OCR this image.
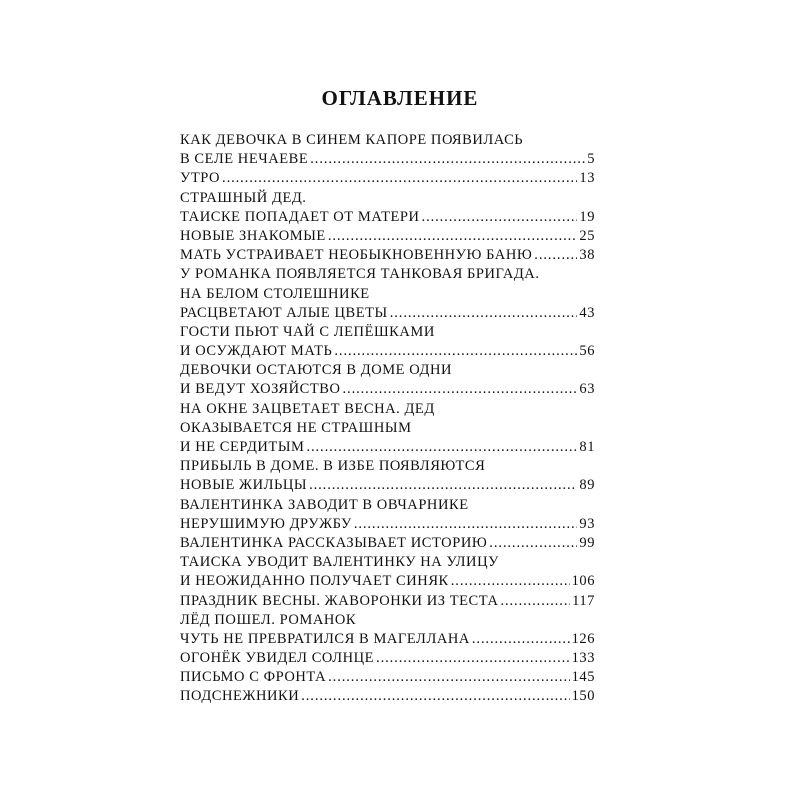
ОГЛАВЛЕНИЕ
КАК ДЕВОЧКА В СИНЕМ КАПОРЕ ПОЯВИЛАСЬ
В СЕЛЕ НЕЧАЕВЕ .....	5
УТРО .....	13
СТРАШНЫЙ ДЕД.
ТАИСКЕ ПОПАДАЕТ ОТ МАТЕРИ .....	19
НОВЫЕ ЗНАКОМЫЕ .....	25
МАТЬ УСТРАИВАЕТ НЕОБЫКНОВЕННУЮ БАНЮ .....	38
У РОМАНКА ПОЯВЛЯЕТСЯ ТАНКОВАЯ БРИГАДА.
НА БЕЛОМ СТОЛЕШНИКЕ
РАСЦВЕТАЮТ АЛЫЕ ЦВЕТЫ .....	43
ГОСТИ ПЬЮТ ЧАЙ С ЛЕПЁШКАМИ
И ОСУЖДАЮТ МАТЬ .....	56
ДЕВОЧКИ ОСТАЮТСЯ В ДОМЕ ОДНИ
И ВЕДУТ ХОЗЯЙСТВО .....	63
НА ОКНЕ ЗАЦВЕТАЕТ ВЕСНА. ДЕД
ОКАЗЫВАЕТСЯ НЕ СТРАШНЫМ
И НЕ СЕРДИТЫМ .....	81
ПРИБЫЛЬ В ДОМЕ. В ИЗБЕ ПОЯВЛЯЮТСЯ
НОВЫЕ ЖИЛЬЦЫ .....	89
ВАЛЕНТИНКА ЗАВОДИТ В ОВЧАРНИКЕ
НЕРУШИМУЮ ДРУЖБУ .....	93
ВАЛЕНТИНКА РАССКАЗЫВАЕТ ИСТОРИЮ .....	99
ТАИСКА УВОДИТ ВАЛЕНТИНКУ НА УЛИЦУ
И НЕОЖИДАННО ПОЛУЧАЕТ СИНЯК .....	106
ПРАЗДНИК ВЕСНЫ. ЖАВОРОНКИ ИЗ ТЕСТА .....	117
ЛЁД ПОШЕЛ. РОМАНОК
ЧУТЬ НЕ ПРЕВРАТИЛСЯ В МАГЕЛЛАНА .....	126
ОГОНЁК УВИДЕЛ СОЛНЦЕ .....	133
ПИСЬМО С ФРОНТА .....	145
ПОДСНЕЖНИКИ .....	150
